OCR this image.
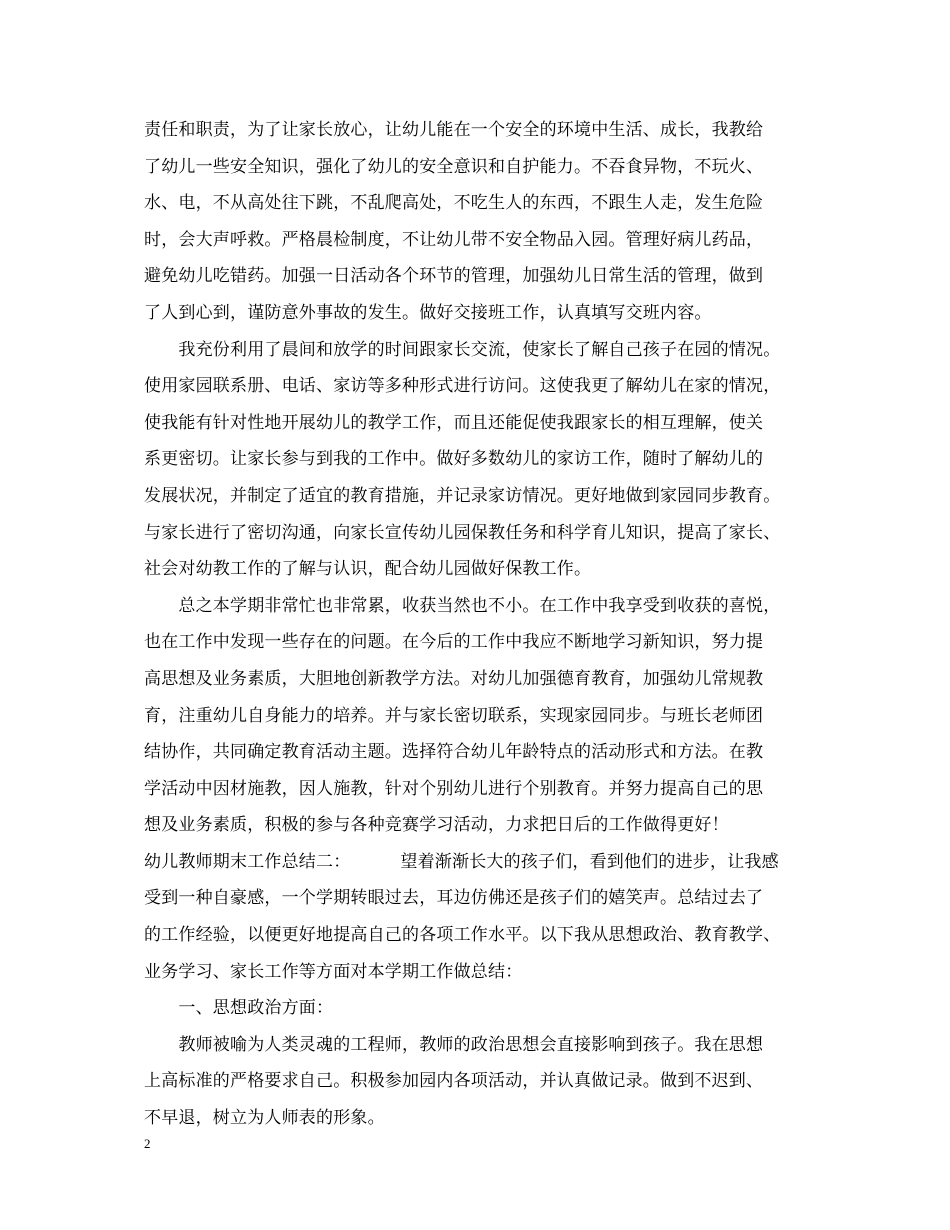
责任和职责，为了让家长放心，让幼儿能在一个安全的环境中生活、成长，我教给
了幼儿一些安全知识，强化了幼儿的安全意识和自护能力。不吞食异物，不玩火、
水、电，不从高处往下跳，不乱爬高处，不吃生人的东西，不跟生人走，发生危险
时，会大声呼救。严格晨检制度，不让幼儿带不安全物品入园。管理好病儿药品，
避免幼儿吃错药。加强一日活动各个环节的管理，加强幼儿日常生活的管理，做到
了人到心到，谨防意外事故的发生。做好交接班工作，认真填写交班内容。
　　我充份利用了晨间和放学的时间跟家长交流，使家长了解自己孩子在园的情况。
使用家园联系册、电话、家访等多种形式进行访问。这使我更了解幼儿在家的情况，
使我能有针对性地开展幼儿的教学工作，而且还能促使我跟家长的相互理解，使关
系更密切。让家长参与到我的工作中。做好多数幼儿的家访工作，随时了解幼儿的
发展状况，并制定了适宜的教育措施，并记录家访情况。更好地做到家园同步教育。
与家长进行了密切沟通，向家长宣传幼儿园保教任务和科学育儿知识，提高了家长、
社会对幼教工作的了解与认识，配合幼儿园做好保教工作。
　　总之本学期非常忙也非常累，收获当然也不小。在工作中我享受到收获的喜悦，
也在工作中发现一些存在的问题。在今后的工作中我应不断地学习新知识，努力提
高思想及业务素质，大胆地创新教学方法。对幼儿加强德育教育，加强幼儿常规教
育，注重幼儿自身能力的培养。并与家长密切联系，实现家园同步。与班长老师团
结协作，共同确定教育活动主题。选择符合幼儿年龄特点的活动形式和方法。在教
学活动中因材施教，因人施教，针对个别幼儿进行个别教育。并努力提高自己的思
想及业务素质，积极的参与各种竞赛学习活动，力求把日后的工作做得更好！
幼儿教师期末工作总结二：	望着渐渐长大的孩子们，看到他们的进步，让我感
受到一种自豪感，一个学期转眼过去，耳边仿佛还是孩子们的嬉笑声。总结过去了
的工作经验，以便更好地提高自己的各项工作水平。以下我从思想政治、教育教学、
业务学习、家长工作等方面对本学期工作做总结：
　　一、思想政治方面：
　　教师被喻为人类灵魂的工程师，教师的政治思想会直接影响到孩子。我在思想
上高标准的严格要求自己。积极参加园内各项活动，并认真做记录。做到不迟到、
不早退，树立为人师表的形象。
2
